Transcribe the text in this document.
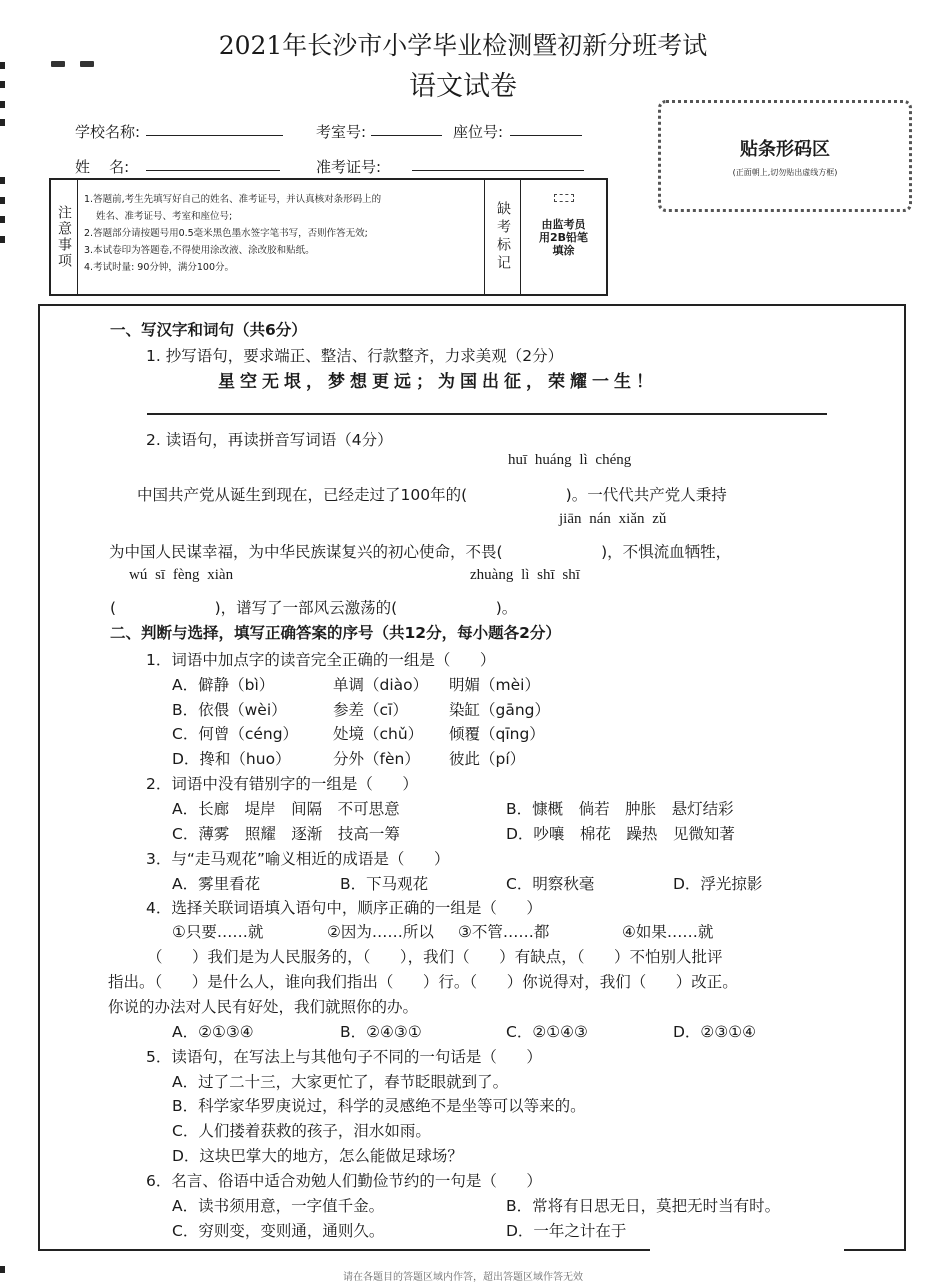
2021年长沙市小学毕业检测暨初新分班考试
语文试卷
学校名称:	考室号:	座位号:
姓    名:	准考证号:
贴条形码区
(正面朝上,切勿贴出虚线方框)
注意事项
1.答题前,考生先填写好自己的姓名、准考证号，并认真核对条形码上的
姓名、准考证号、考室和座位号;
2.答题部分请按题号用0.5毫米黑色墨水签字笔书写，否则作答无效;
3.本试卷印为答题卷,不得使用涂改液、涂改胶和贴纸。
4.考试时量: 90分钟，满分100分。	缺考标记	由监考员
用2B铅笔
填涂
一、写汉字和词句（共6分）
1. 抄写语句，要求端正、整洁、行款整齐，力求美观（2分）
星空无垠，梦想更远；为国出征，荣耀一生！
2. 读语句，再读拼音写词语（4分）
huī huáng lì chéng
中国共产党从诞生到现在，已经走过了100年的(                    )。一代代共产党人秉持
jiān nán xiǎn zǔ
为中国人民谋幸福，为中华民族谋复兴的初心使命，不畏(                    )，不惧流血牺牲，
wú sī fèng xiàn	zhuàng lì shī shī
(                    )，谱写了一部风云激荡的(                    )。
二、判断与选择，填写正确答案的序号（共12分，每小题各2分）
1．词语中加点字的读音完全正确的一组是（      ）
A．僻静（bì）	单调（diào） 明媚（mèi）
B．依偎（wèi）	参差（cī）	染缸（gāng）
C．何曾（céng） 处境（chǔ） 倾覆（qīng）
D．搀和（huo）	分外（fèn） 彼此（pí）
2．词语中没有错别字的一组是（      ）
A．长廊　堤岸　间隔　不可思意	B．慷概　倘若　肿胀　悬灯结彩
C．薄雾　照耀　逐渐　技高一筹	D．吵嚷　棉花　躁热　见微知著
3．与“走马观花”喻义相近的成语是（      ）
A．雾里看花	B．下马观花	C．明察秋毫	D．浮光掠影
4．选择关联词语填入语句中，顺序正确的一组是（      ）
①只要……就	②因为……所以 ③不管……都	④如果……就
（      ）我们是为人民服务的，（      ），我们（      ）有缺点，（      ）不怕别人批评
指出。（      ）是什么人，谁向我们指出（      ）行。（      ）你说得对，我们（      ）改正。
你说的办法对人民有好处，我们就照你的办。
A．②①③④	B．②④③①	C．②①④③	D．②③①④
5．读语句，在写法上与其他句子不同的一句话是（      ）
A．过了二十三，大家更忙了，春节眨眼就到了。
B．科学家华罗庚说过，科学的灵感绝不是坐等可以等来的。
C．人们搂着获救的孩子，泪水如雨。
D．这块巴掌大的地方，怎么能做足球场？
6．名言、俗语中适合劝勉人们勤俭节约的一句是（      ）
A．读书须用意，一字值千金。	B．常将有日思无日，莫把无时当有时。
C．穷则变，变则通，通则久。	D．一年之计在于
请在各题目的答题区域内作答，超出答题区域作答无效
